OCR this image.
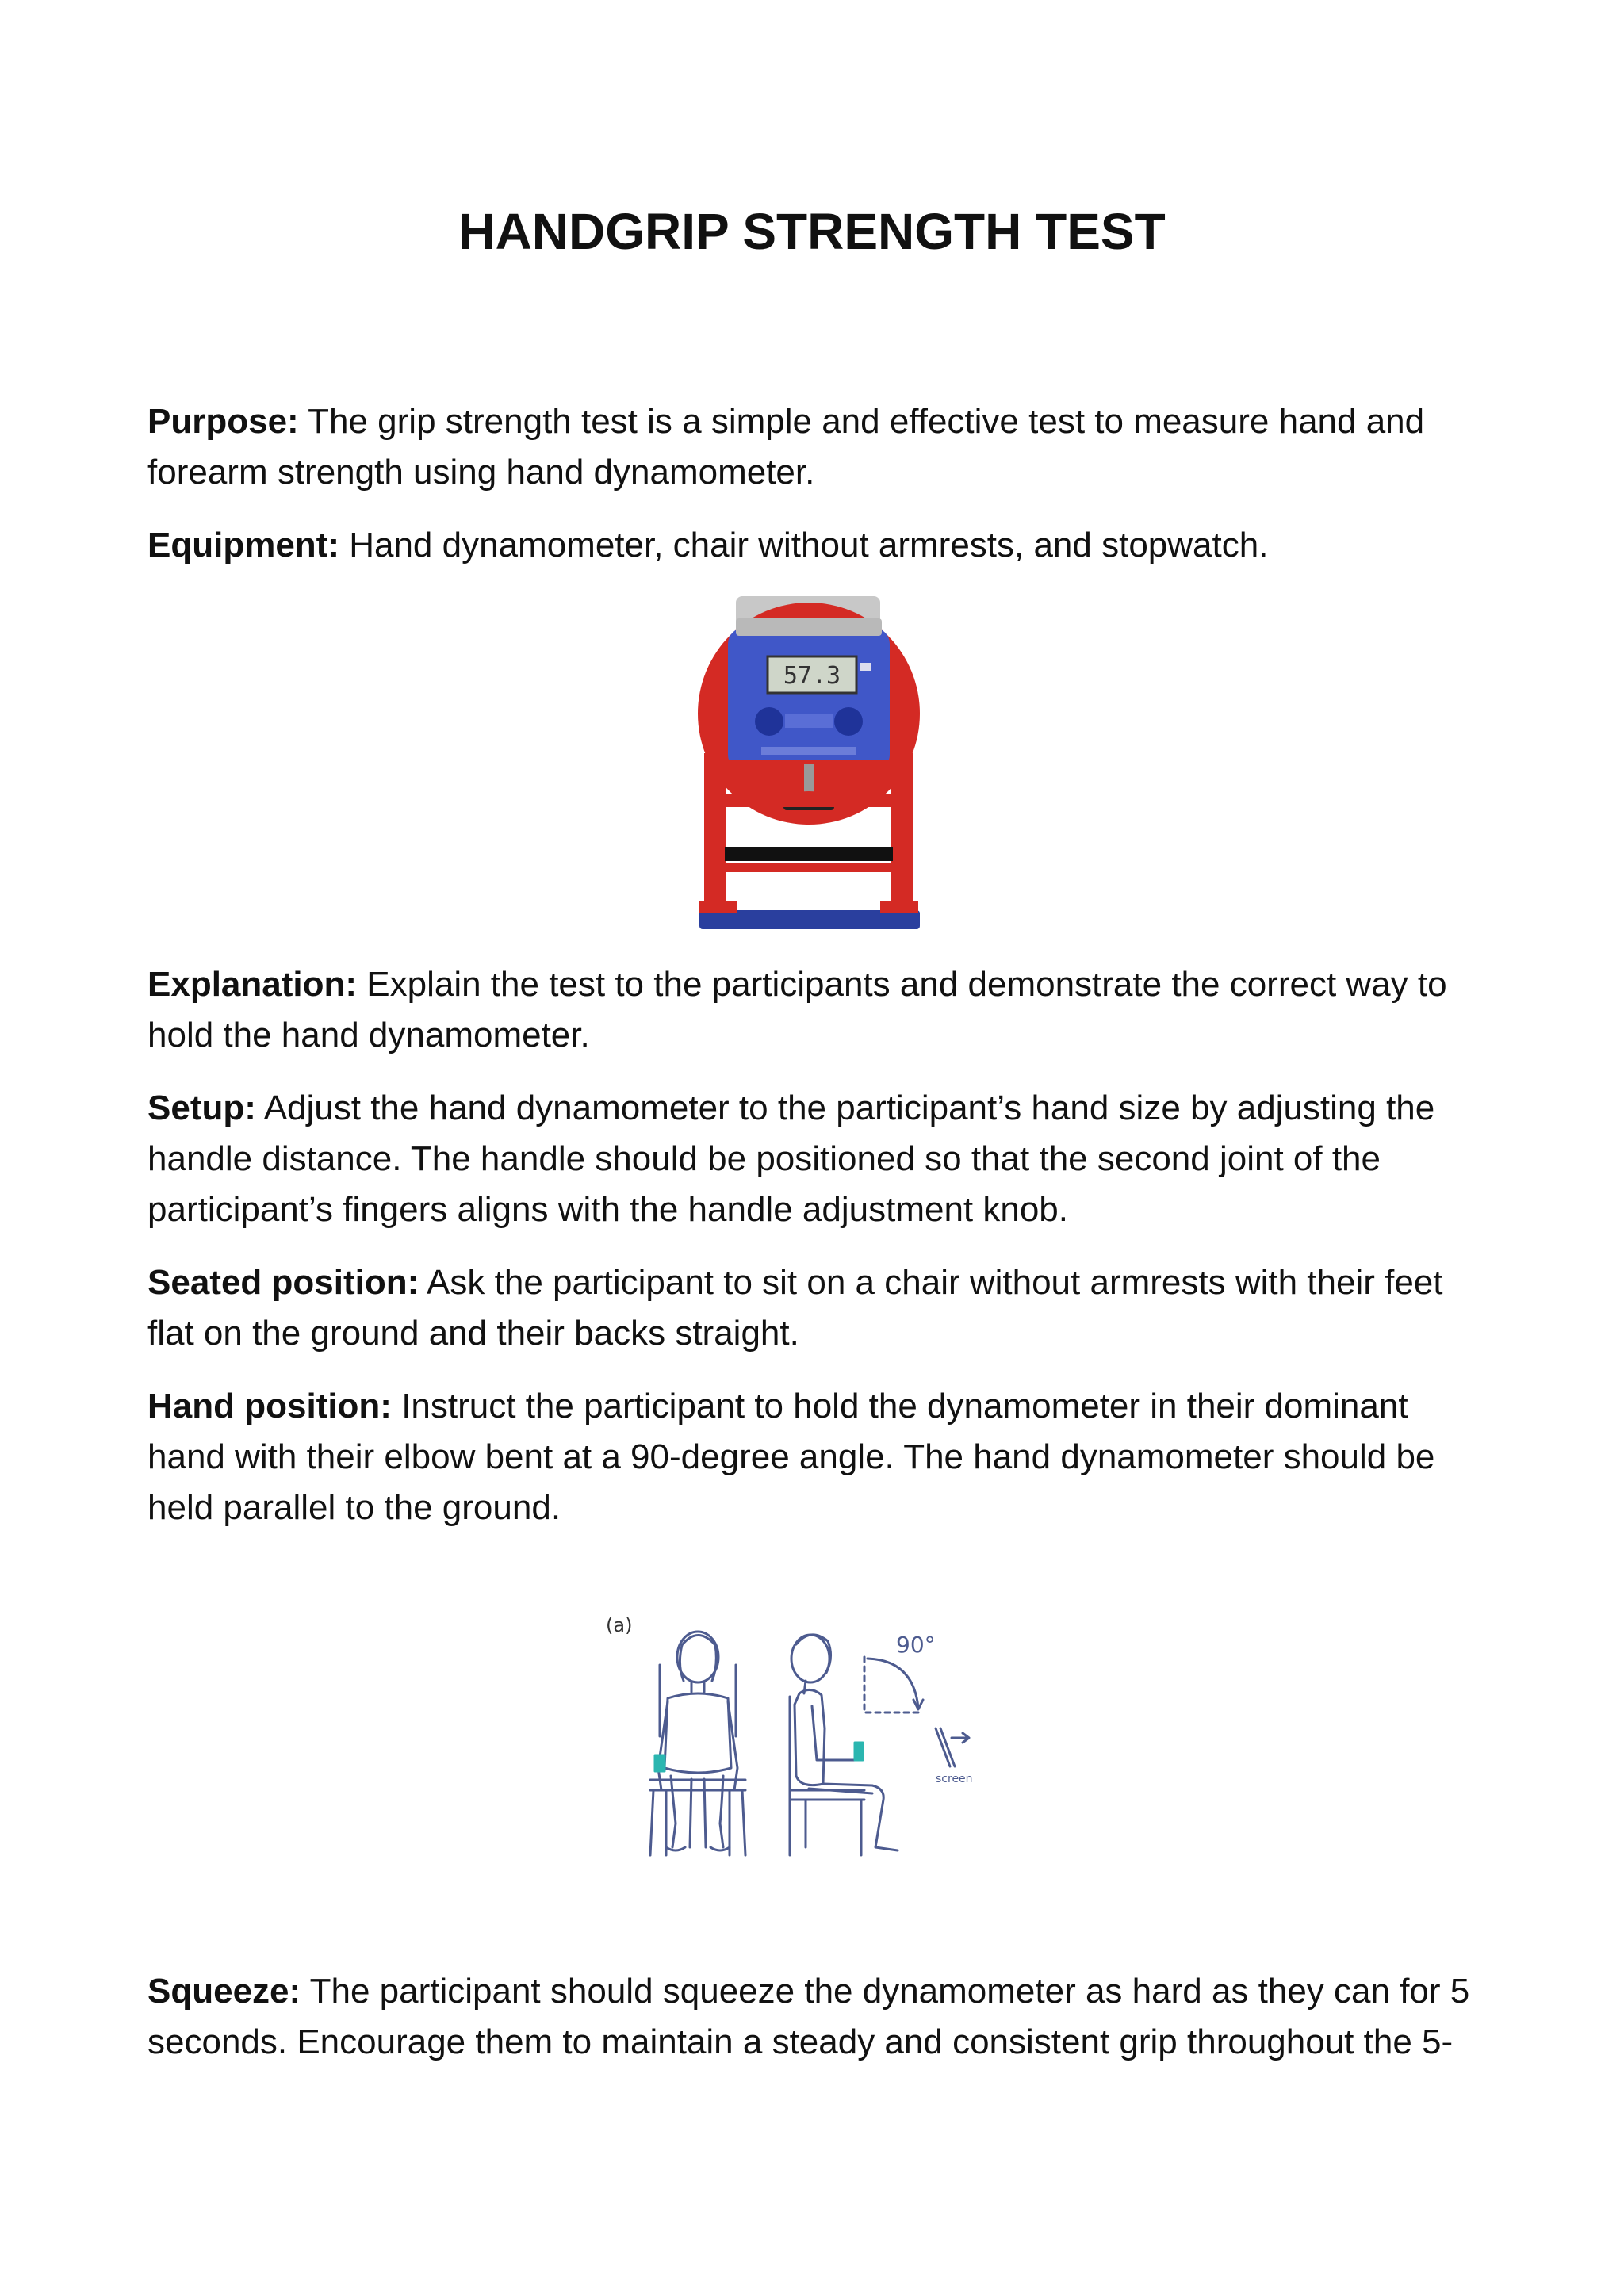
HANDGRIP STRENGTH TEST

Purpose: The grip strength test is a simple and effective test to measure hand and forearm strength using hand dynamometer.

Equipment: Hand dynamometer, chair without armrests, and stopwatch.

57.3

Explanation: Explain the test to the participants and demonstrate the correct way to hold the hand dynamometer.

Setup: Adjust the hand dynamometer to the participant’s hand size by adjusting the handle distance. The handle should be positioned so that the second joint of the participant’s fingers aligns with the handle adjustment knob.

Seated position: Ask the participant to sit on a chair without armrests with their feet flat on the ground and their backs straight.

Hand position: Instruct the participant to hold the dynamometer in their dominant hand with their elbow bent at a 90-degree angle. The hand dynamometer should be held parallel to the ground.

(a)
90°
screen

Squeeze: The participant should squeeze the dynamometer as hard as they can for 5 seconds. Encourage them to maintain a steady and consistent grip throughout the 5-
